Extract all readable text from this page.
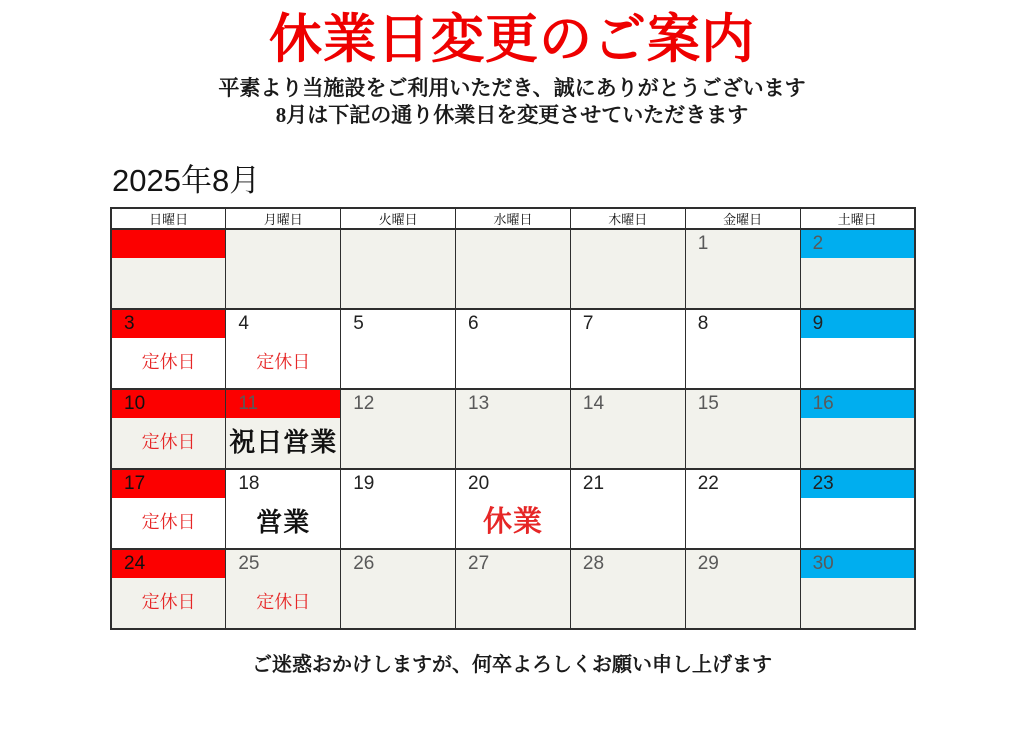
休業日変更のご案内
平素より当施設をご利用いただき、誠にありがとうございます
8月は下記の通り休業日を変更させていただきます
2025年8月
日曜日	月曜日	火曜日	水曜日	木曜日	金曜日	土曜日

					1	2

3	4	5	6	7	8	9

定休日	定休日					

10	11	12	13	14	15	16

定休日	祝日営業					

17	18	19	20	21	22	23

定休日	営業		休業			

24	25	26	27	28	29	30

定休日	定休日					
ご迷惑おかけしますが、何卒よろしくお願い申し上げます
